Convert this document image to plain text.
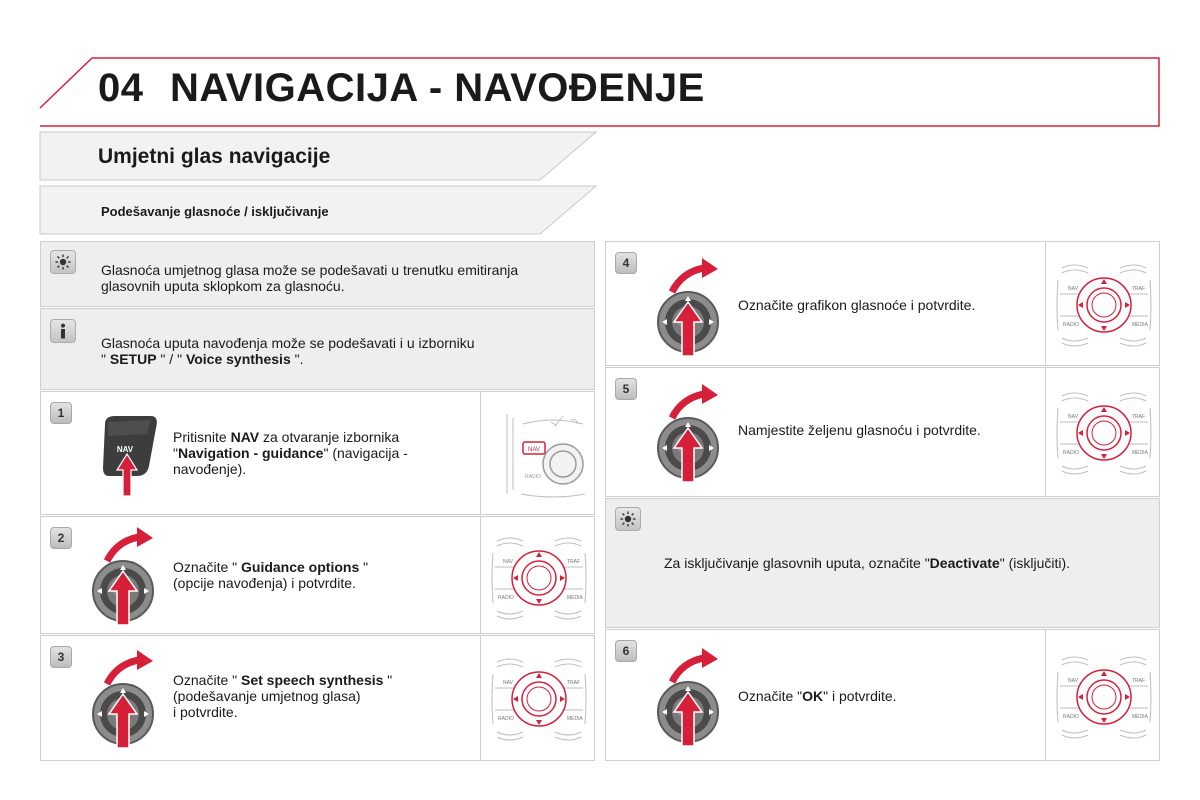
04 NAVIGACIJA - NAVOĐENJE
Umjetni glas navigacije
Podešavanje glasnoće / isključivanje
Glasnoća umjetnog glasa može se podešavati u trenutku emitiranja glasovnih uputa sklopkom za glasnoću.
Glasnoća uputa navođenja može se podešavati i u izborniku
" SETUP " / " Voice synthesis ".
1
NAV
Pritisnite NAV za otvaranje izbornika
"Navigation - guidance" (navigacija - navođenje).
NAV
RADIO
2
Označite " Guidance options "
(opcije navođenja) i potvrdite.
NAV	TRAF
RADIO	MEDIA
3
Označite " Set speech synthesis "
(podešavanje umjetnog glasa)
i potvrdite.
NAV	TRAF
RADIO	MEDIA
4
Označite grafikon glasnoće i potvrdite.
NAV	TRAF
RADIO	MEDIA
5
Namjestite željenu glasnoću i potvrdite.
NAV	TRAF
RADIO	MEDIA
Za isključivanje glasovnih uputa, označite "Deactivate" (isključiti).
6
Označite "OK" i potvrdite.
NAV	TRAF
RADIO	MEDIA
